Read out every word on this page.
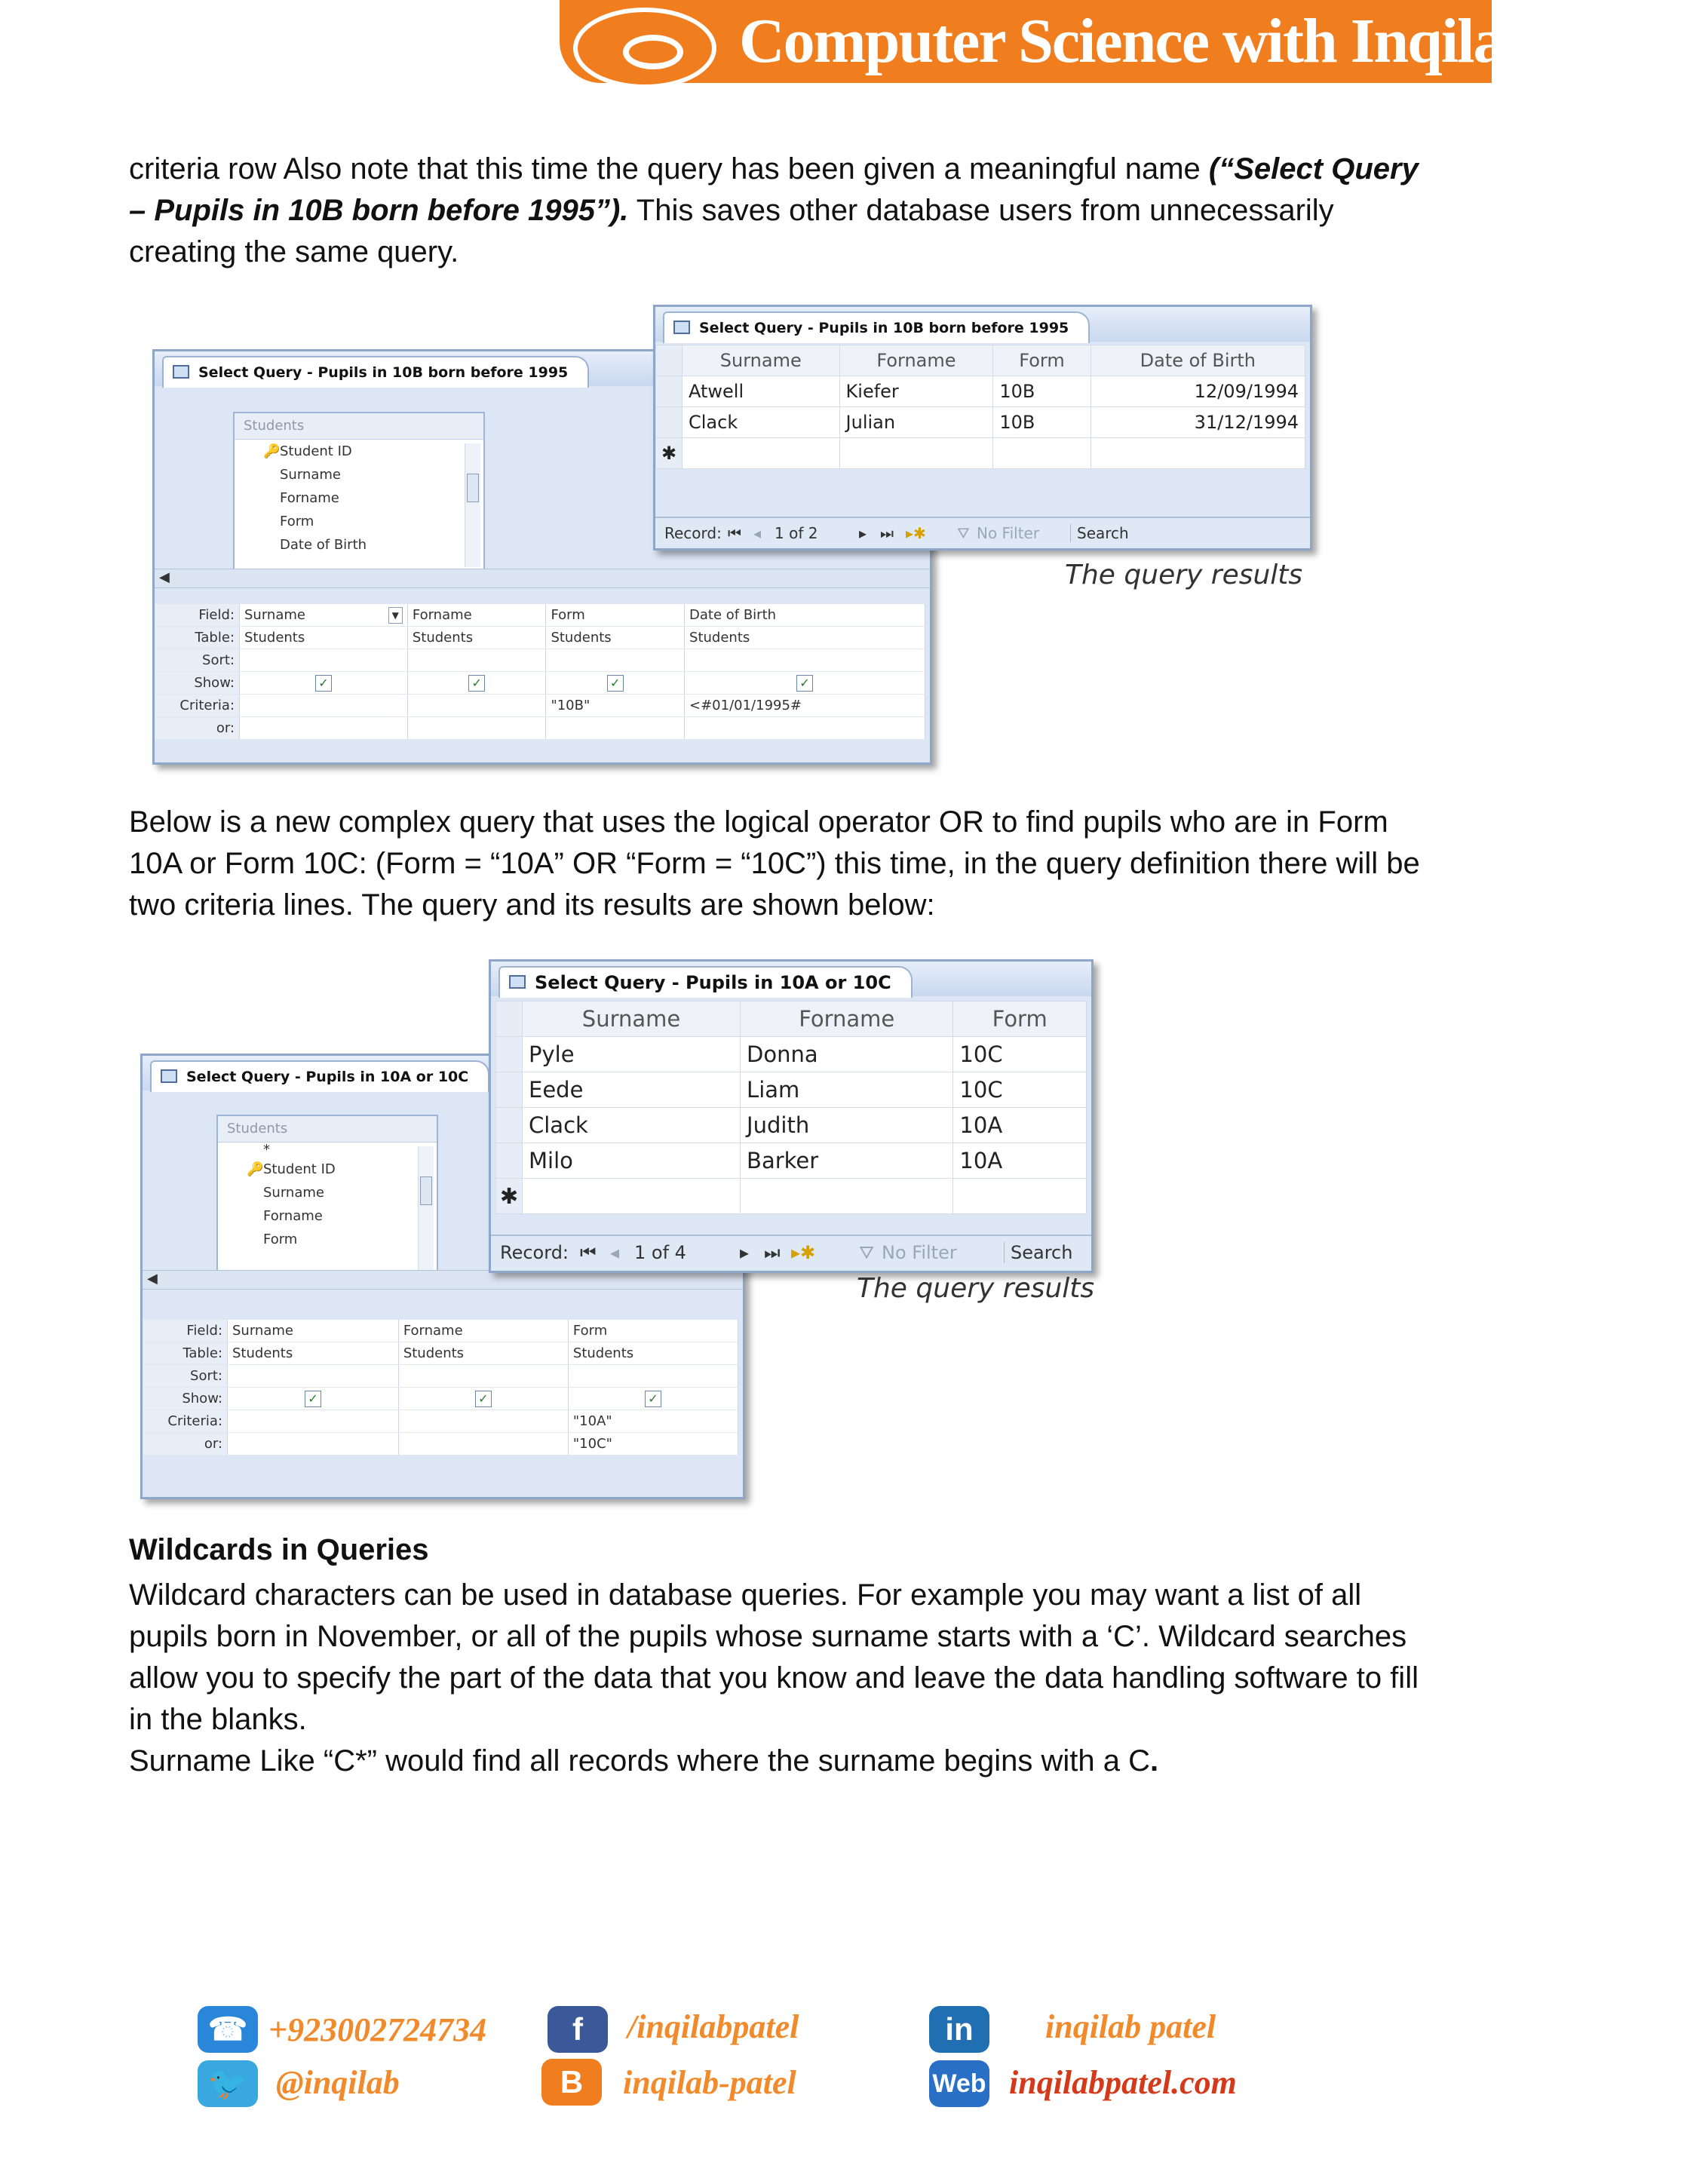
Computer Science with Inqilab Patel

criteria row Also note that this time the query has been given a meaningful name (“Select Query – Pupils in 10B born before 1995”). This saves other database users from unnecessarily creating the same query.

Select Query - Pupils in 10B born before 1995
Students
🔑 Student ID
Surname
Forname
Form
Date of Birth
◀
Field:	Surname ▼	Forname	Form	Date of Birth
Table:	Students	Students	Students	Students
Sort:				
Show:	✓	✓	✓	✓
Criteria:			"10B"	<#01/01/1995#
or:				
Select Query - Pupils in 10B born before 1995
	Surname	Forname	Form	Date of Birth
	Atwell	Kiefer	10B	12/09/1994
	Clack	Julian	10B	31/12/1994
✱				
Record: ⏮ ◂ 1 of 2	▸ ⏭ ▸✱ ⛛ No Filter	Search
The query results

Below is a new complex query that uses the logical operator OR to find pupils who are in Form 10A or Form 10C: (Form = “10A” OR “Form = “10C”) this time, in the query definition there will be two criteria lines. The query and its results are shown below:

Select Query - Pupils in 10A or 10C
Students
*
🔑 Student ID
Surname
Forname
Form
◀
Field:	Surname	Forname	Form
Table:	Students	Students	Students
Sort:			
Show:	✓	✓	✓
Criteria:			"10A"
or:			"10C"
Select Query - Pupils in 10A or 10C
	Surname	Forname	Form
	Pyle	Donna	10C
	Eede	Liam	10C
	Clack	Judith	10A
	Milo	Barker	10A
✱			
Record: ⏮ ◂ 1 of 4	▸ ⏭ ▸✱ ⛛ No Filter	Search
The query results
Wildcards in Queries

Wildcard characters can be used in database queries. For example you may want a list of all pupils born in November, or all of the pupils whose surname starts with a ‘C’. Wildcard searches allow you to specify the part of the data that you know and leave the data handling software to fill in the blanks.

Surname Like “C*” would find all records where the surname begins with a C.

☎ +923002724734
🐦 @inqilab
f	/inqilabpatel
B	inqilab-patel
in	inqilab patel
Web inqilabpatel.com
